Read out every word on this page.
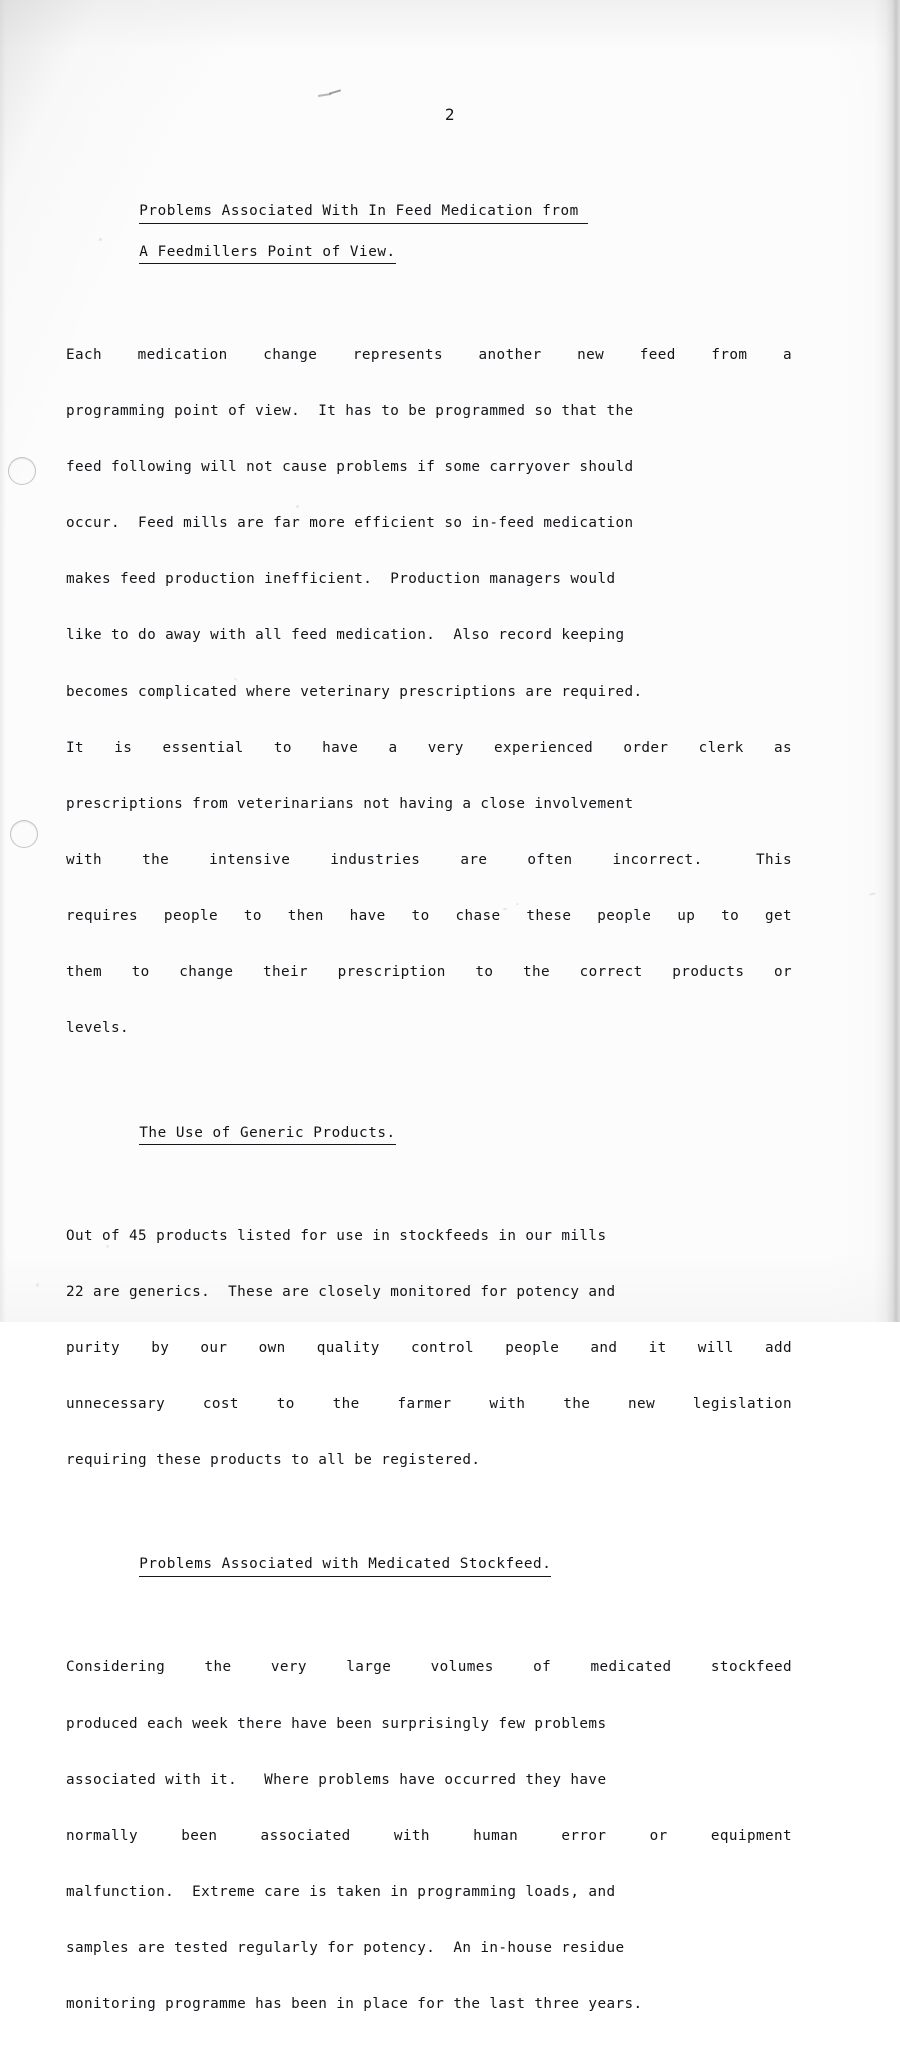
2

Problems Associated With In Feed Medication from

A Feedmillers Point of View.

Each  medication  change  represents  another  new  feed  from  a

programming point of view.  It has to be programmed so that the

feed following will not cause problems if some carryover should

occur.  Feed mills are far more efficient so in-feed medication

makes feed production inefficient.  Production managers would

like to do away with all feed medication.  Also record keeping

becomes complicated where veterinary prescriptions are required.

It  is  essential  to  have  a  very  experienced  order  clerk  as

prescriptions from veterinarians not having a close involvement

with   the   intensive   industries   are   often   incorrect.    This

requires  people  to  then  have  to  chase  these  people  up  to  get

them  to  change  their  prescription  to  the  correct  products  or

levels.

The Use of Generic Products.

Out of 45 products listed for use in stockfeeds in our mills

22 are generics.  These are closely monitored for potency and

purity  by  our  own  quality  control  people  and  it  will  add

unnecessary  cost  to  the  farmer  with  the  new  legislation

requiring these products to all be registered.

Problems Associated with Medicated Stockfeed.

Considering  the  very  large  volumes  of  medicated  stockfeed

produced each week there have been surprisingly few problems

associated with it.   Where problems have occurred they have

normally  been  associated  with  human  error  or  equipment

malfunction.  Extreme care is taken in programming loads, and

samples are tested regularly for potency.  An in-house residue

monitoring programme has been in place for the last three years.
